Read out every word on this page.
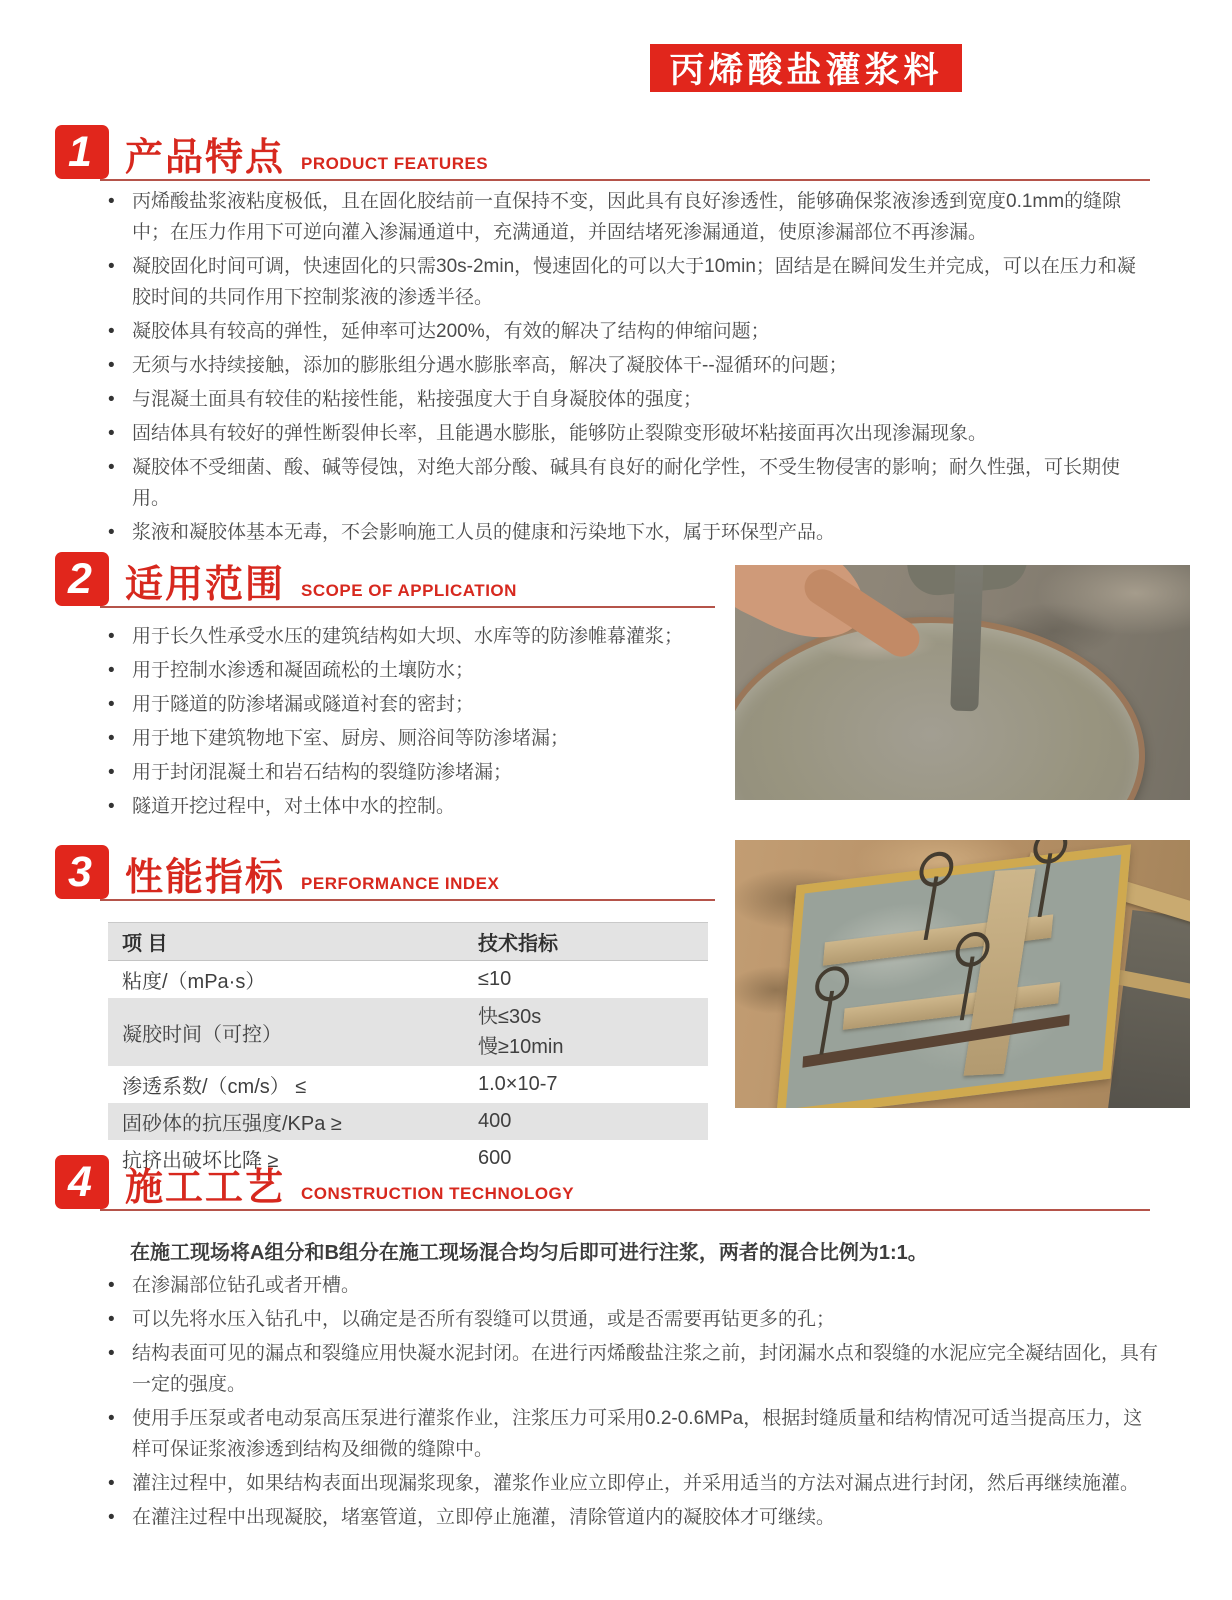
丙烯酸盐灌浆料
1 产品特点 PRODUCT FEATURES
• 丙烯酸盐浆液粘度极低，且在固化胶结前一直保持不变，因此具有良好渗透性，能够确保浆液渗透到宽度0.1mm的缝隙中；在压力作用下可逆向灌入渗漏通道中，充满通道，并固结堵死渗漏通道，使原渗漏部位不再渗漏。
• 凝胶固化时间可调，快速固化的只需30s-2min，慢速固化的可以大于10min；固结是在瞬间发生并完成，可以在压力和凝胶时间的共同作用下控制浆液的渗透半径。
• 凝胶体具有较高的弹性，延伸率可达200%，有效的解决了结构的伸缩问题；
• 无须与水持续接触，添加的膨胀组分遇水膨胀率高，解决了凝胶体干--湿循环的问题；
• 与混凝土面具有较佳的粘接性能，粘接强度大于自身凝胶体的强度；
• 固结体具有较好的弹性断裂伸长率，且能遇水膨胀，能够防止裂隙变形破坏粘接面再次出现渗漏现象。
• 凝胶体不受细菌、酸、碱等侵蚀，对绝大部分酸、碱具有良好的耐化学性，不受生物侵害的影响；耐久性强，可长期使用。
• 浆液和凝胶体基本无毒，不会影响施工人员的健康和污染地下水，属于环保型产品。
2 适用范围 SCOPE OF APPLICATION
• 用于长久性承受水压的建筑结构如大坝、水库等的防渗帷幕灌浆；
• 用于控制水渗透和凝固疏松的土壤防水；
• 用于隧道的防渗堵漏或隧道衬套的密封；
• 用于地下建筑物地下室、厨房、厕浴间等防渗堵漏；
• 用于封闭混凝土和岩石结构的裂缝防渗堵漏；
• 隧道开挖过程中，对土体中水的控制。
3 性能指标 PERFORMANCE INDEX
项 目	技术指标
粘度/（mPa·s）	≤10
凝胶时间（可控）	快≤30s
慢≥10min

渗透系数/（cm/s） ≤	1.0×10-7
固砂体的抗压强度/KPa ≥	400
抗挤出破坏比降 ≥	600
4 施工工艺 CONSTRUCTION TECHNOLOGY
在施工现场将A组分和B组分在施工现场混合均匀后即可进行注浆，两者的混合比例为1:1。
• 在渗漏部位钻孔或者开槽。
• 可以先将水压入钻孔中，以确定是否所有裂缝可以贯通，或是否需要再钻更多的孔；
• 结构表面可见的漏点和裂缝应用快凝水泥封闭。在进行丙烯酸盐注浆之前，封闭漏水点和裂缝的水泥应完全凝结固化，具有一定的强度。
• 使用手压泵或者电动泵高压泵进行灌浆作业，注浆压力可采用0.2-0.6MPa，根据封缝质量和结构情况可适当提高压力，这样可保证浆液渗透到结构及细微的缝隙中。
• 灌注过程中，如果结构表面出现漏浆现象，灌浆作业应立即停止，并采用适当的方法对漏点进行封闭，然后再继续施灌。
• 在灌注过程中出现凝胶，堵塞管道，立即停止施灌，清除管道内的凝胶体才可继续。
